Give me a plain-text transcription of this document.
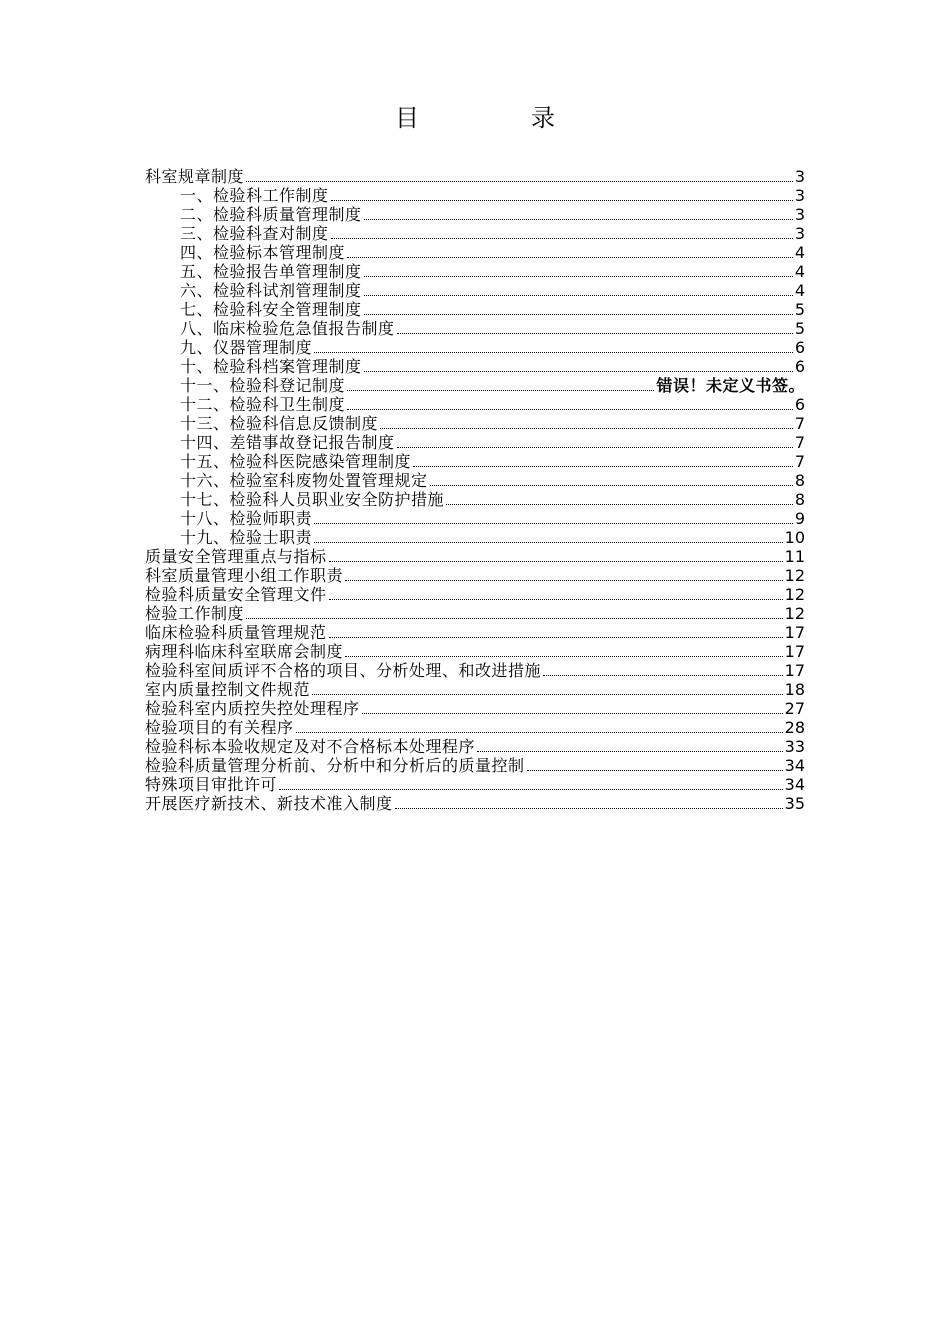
目　录
科室规章制度	3
一、检验科工作制度	3
二、检验科质量管理制度	3
三、检验科查对制度	3
四、检验标本管理制度	4
五、检验报告单管理制度	4
六、检验科试剂管理制度	4
七、检验科安全管理制度	5
八、临床检验危急值报告制度	5
九、仪器管理制度	6
十、检验科档案管理制度	6
十一、检验科登记制度	错误！未定义书签。
十二、检验科卫生制度	6
十三、检验科信息反馈制度	7
十四、差错事故登记报告制度	7
十五、检验科医院感染管理制度	7
十六、检验室科废物处置管理规定	8
十七、检验科人员职业安全防护措施	8
十八、检验师职责	9
十九、检验士职责	10
质量安全管理重点与指标	11
科室质量管理小组工作职责	12
检验科质量安全管理文件	12
检验工作制度	12
临床检验科质量管理规范	17
病理科临床科室联席会制度	17
检验科室间质评不合格的项目、分析处理、和改进措施	17
室内质量控制文件规范	18
检验科室内质控失控处理程序	27
检验项目的有关程序	28
检验科标本验收规定及对不合格标本处理程序	33
检验科质量管理分析前、分析中和分析后的质量控制	34
特殊项目审批许可	34
开展医疗新技术、新技术准入制度	35
